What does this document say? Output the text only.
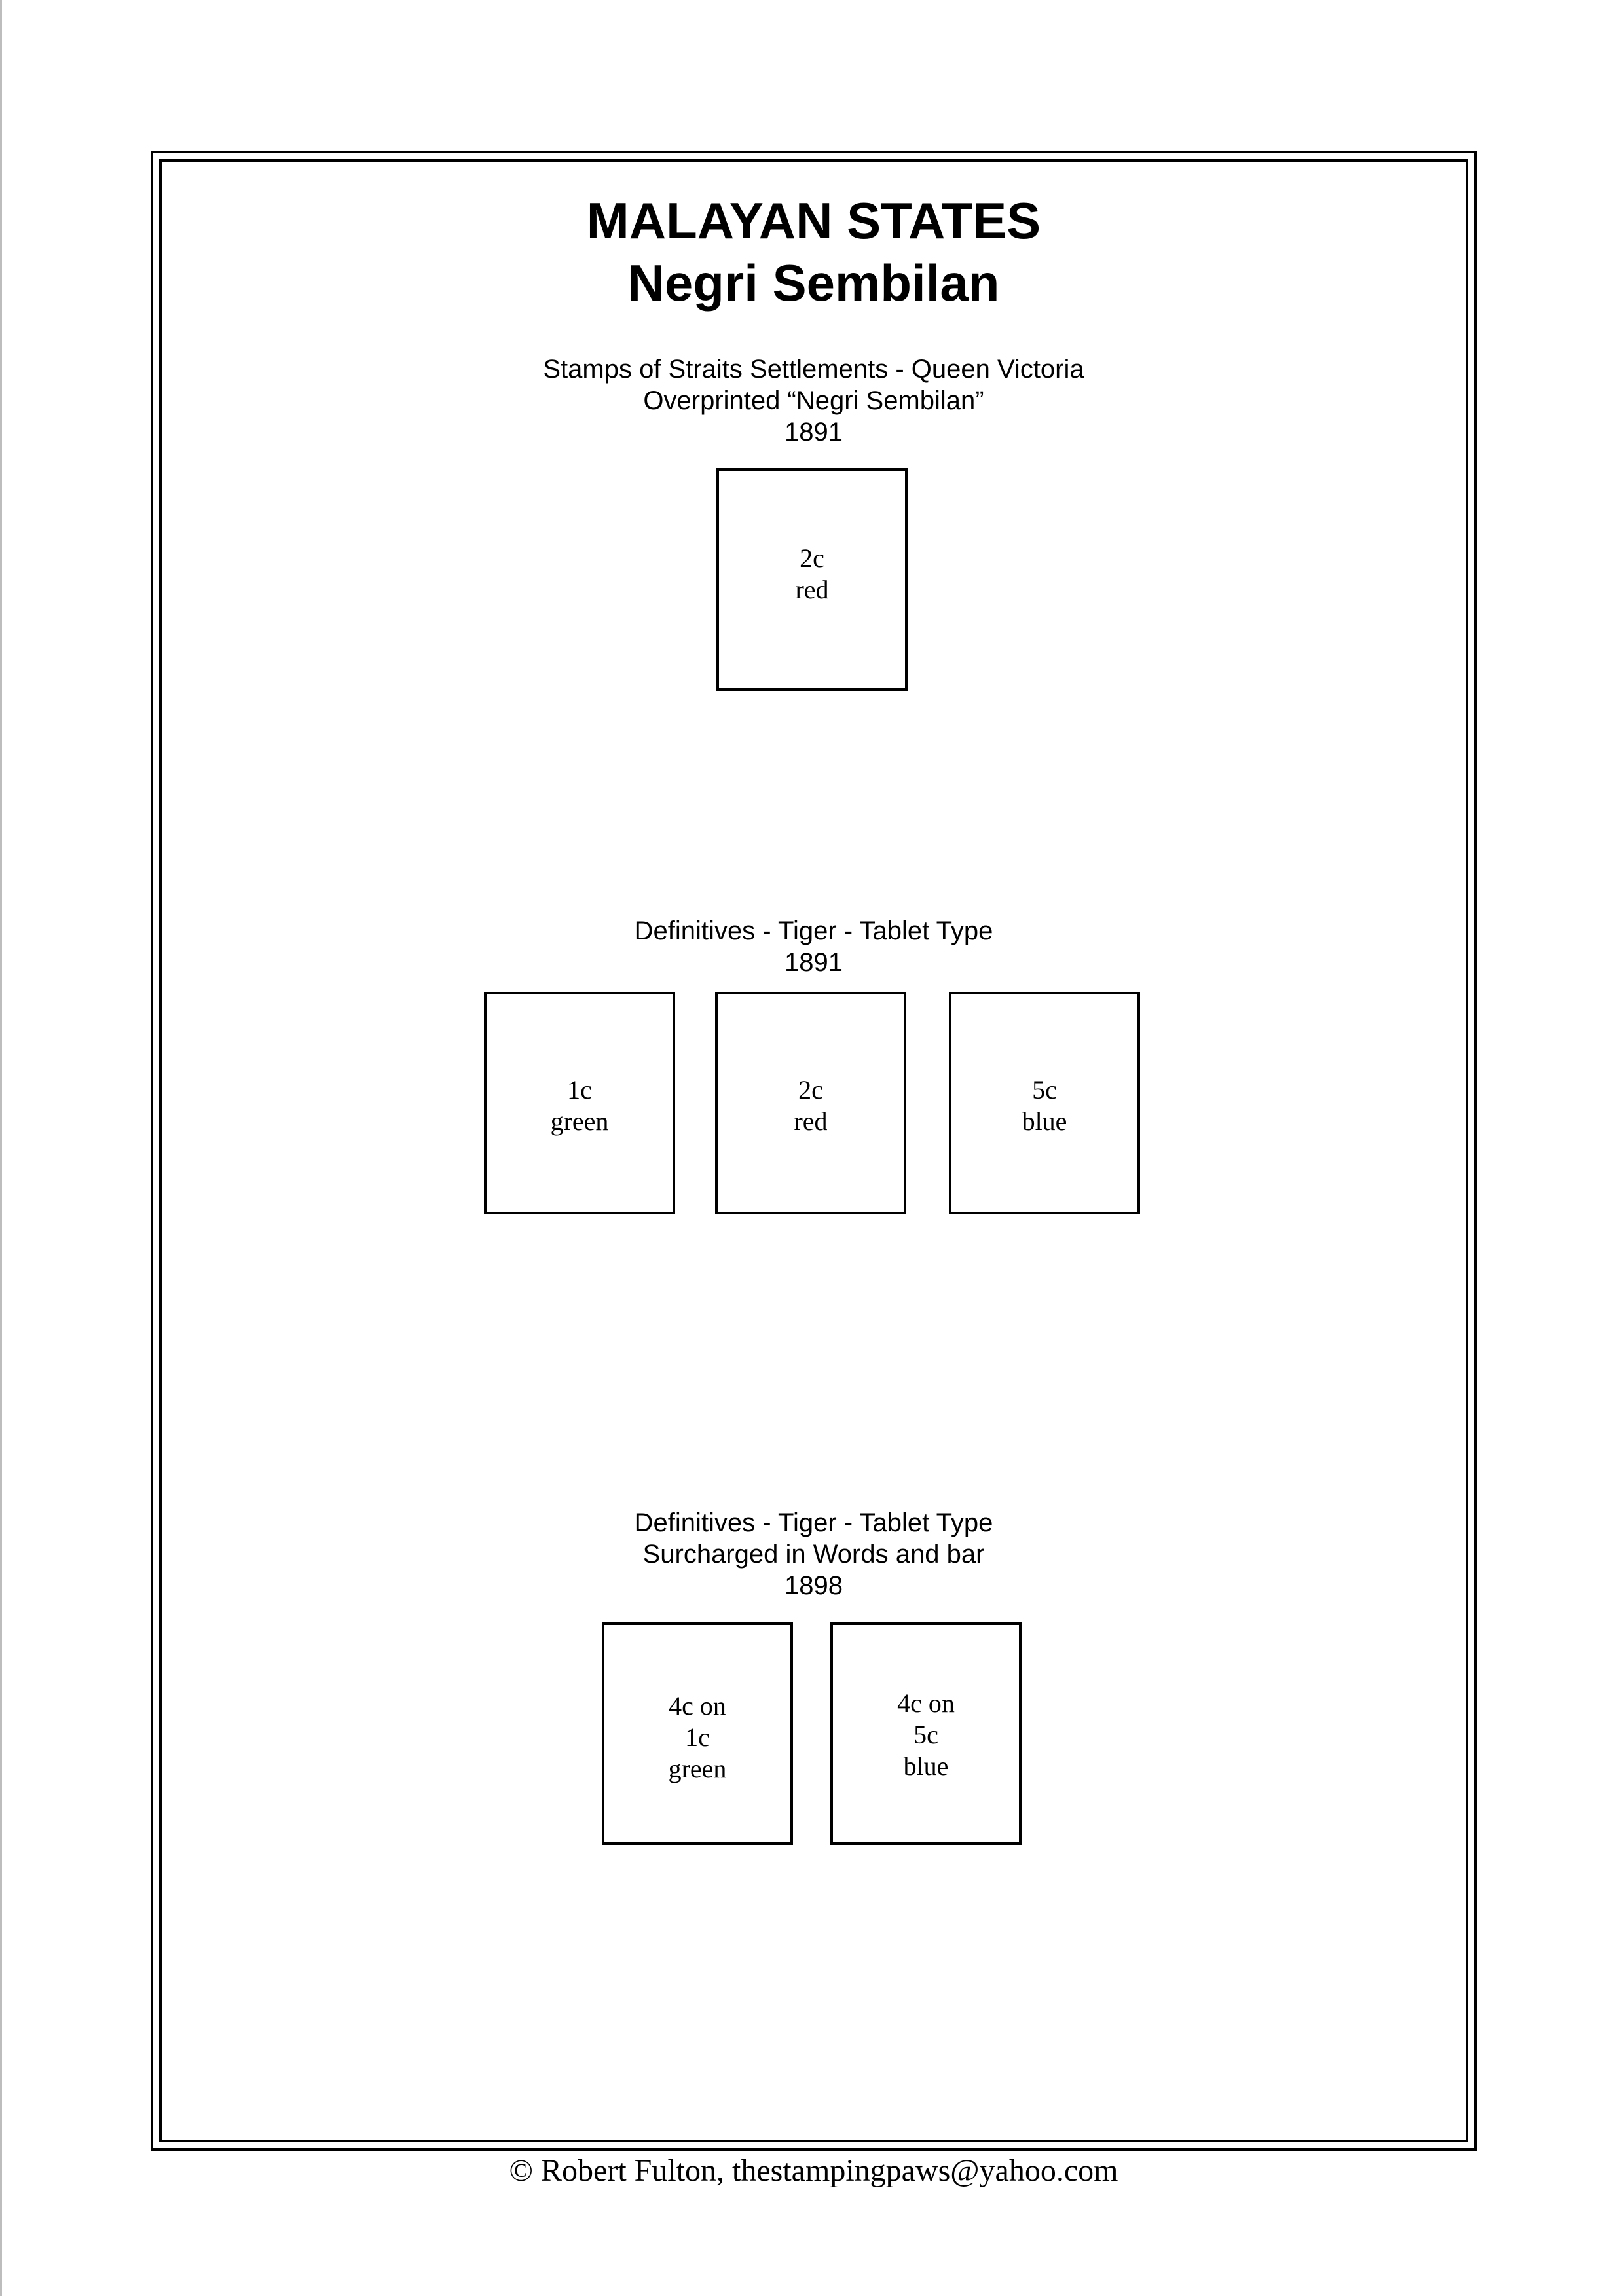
MALAYAN STATES
Negri Sembilan
Stamps of Straits Settlements - Queen Victoria
Overprinted “Negri Sembilan”
1891
2c
red
Definitives - Tiger - Tablet Type
1891
1c
green
2c
red
5c
blue
Definitives - Tiger - Tablet Type
Surcharged in Words and bar
1898
4c on
1c
green
4c on
5c
blue
© Robert Fulton, thestampingpaws@yahoo.com
